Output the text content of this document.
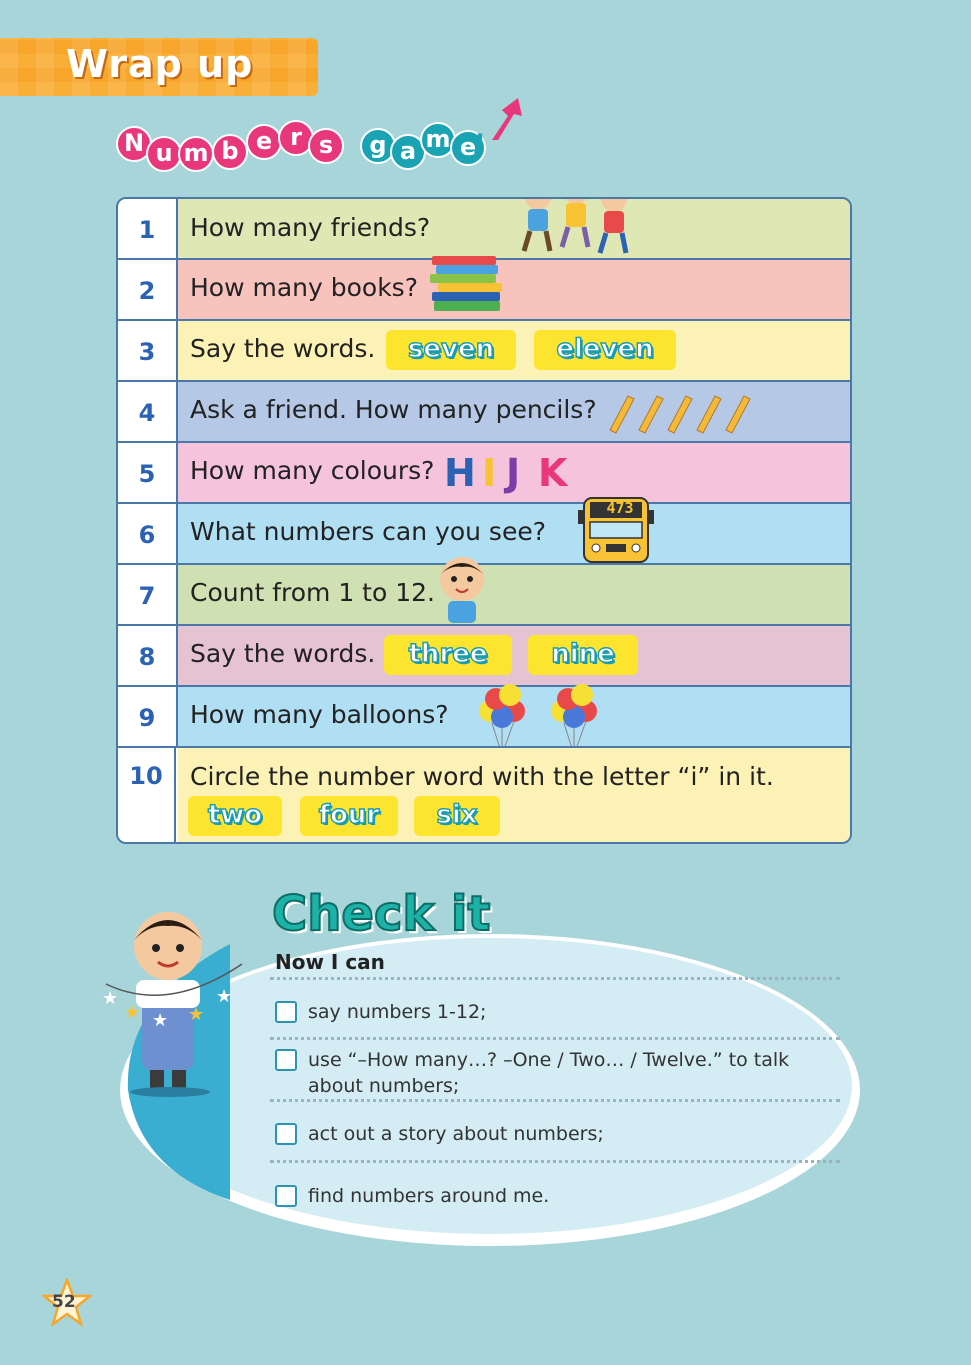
Wrap up
N u m b e r s	g a m e
!
1	How many friends?
2	How many books?
3	Say the words.	seven	eleven
4	Ask a friend. How many pencils?
5	How many colours? H I J K
6	What numbers can you see?
473
7	Count from 1 to 12.
8	Say the words.	three	nine
9	How many balloons?
10	Circle the number word with the letter “i” in it.
two	four	six
★
★ ★ ★
★
Check it
Now I can
say numbers 1-12;
use “–How many…? –One / Two… / Twelve.” to talk about numbers;
act out a story about numbers;
find numbers around me.
52
